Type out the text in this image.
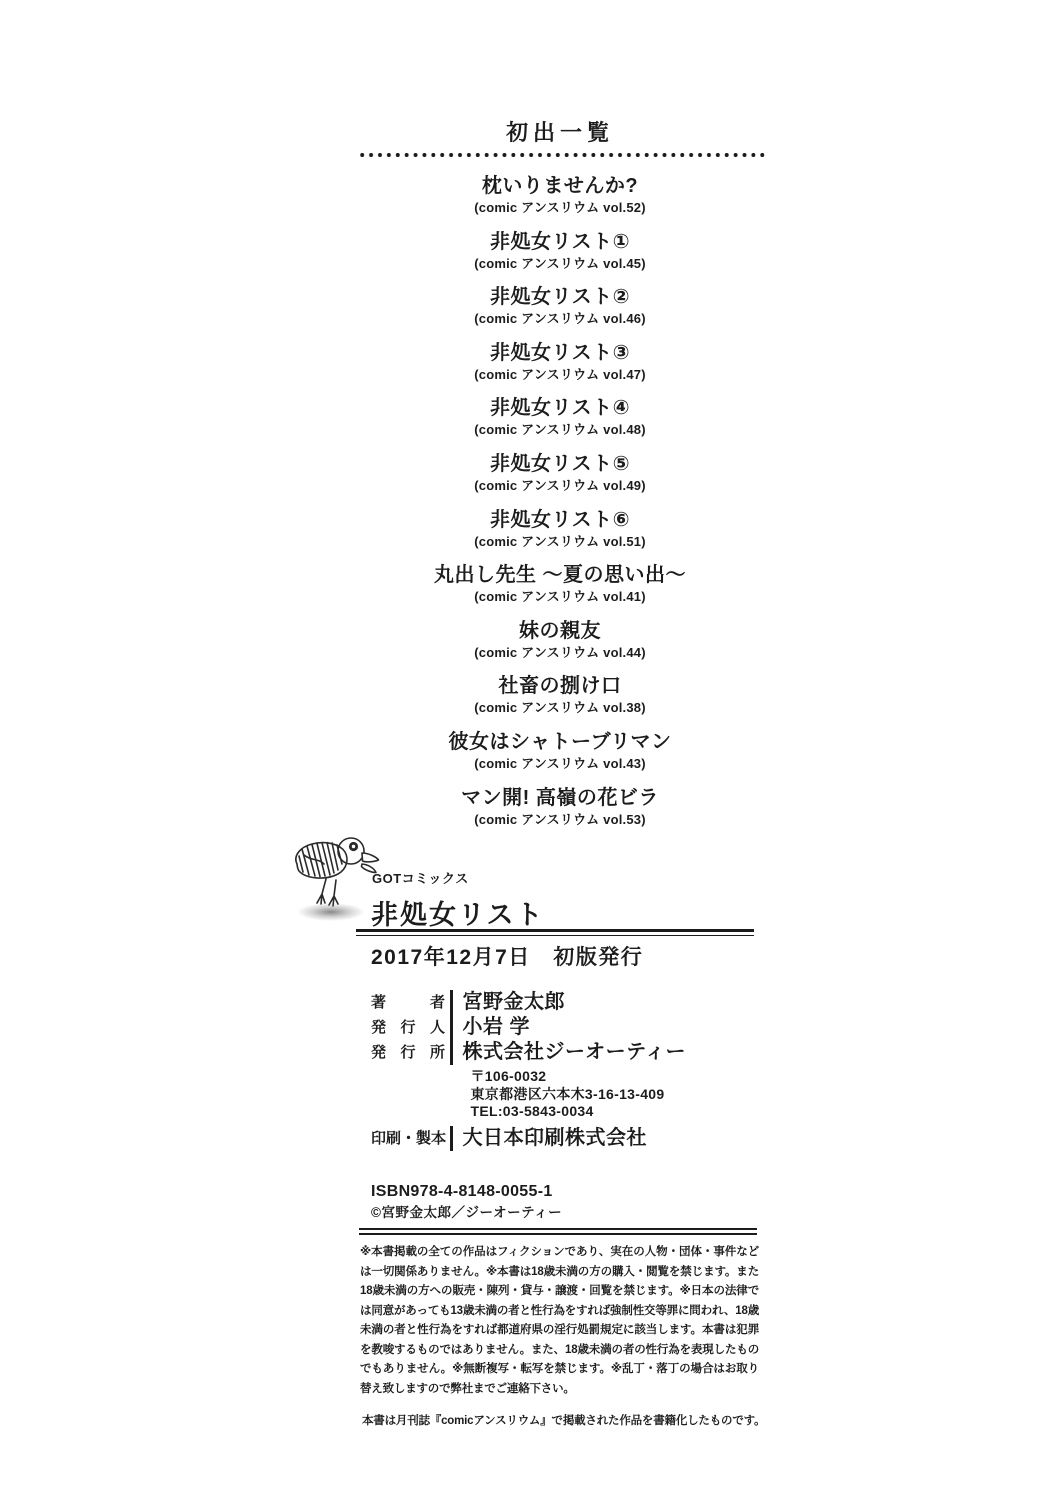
初出一覧
枕いりませんか?
(comic アンスリウム vol.52)
非処女リスト①
(comic アンスリウム vol.45)
非処女リスト②
(comic アンスリウム vol.46)
非処女リスト③
(comic アンスリウム vol.47)
非処女リスト④
(comic アンスリウム vol.48)
非処女リスト⑤
(comic アンスリウム vol.49)
非処女リスト⑥
(comic アンスリウム vol.51)
丸出し先生 ～夏の思い出～
(comic アンスリウム vol.41)
妹の親友
(comic アンスリウム vol.44)
社畜の捌け口
(comic アンスリウム vol.38)
彼女はシャトーブリマン
(comic アンスリウム vol.43)
マン開! 高嶺の花ビラ
(comic アンスリウム vol.53)
GOTコミックス
非処女リスト
2017年12月7日　初版発行
著者 宮野金太郎
発行人 小岩 学
発行所 株式会社ジーオーティー
〒106-0032
東京都港区六本木3-16-13-409
TEL:03-5843-0034
印刷・製本 大日本印刷株式会社
ISBN978-4-8148-0055-1
©宮野金太郎／ジーオーティー
※本書掲載の全ての作品はフィクションであり、実在の人物・団体・事件などは一切関係ありません。※本書は18歳未満の方の購入・閲覧を禁じます。また18歳未満の方への販売・陳列・貸与・譲渡・回覧を禁じます。※日本の法律では同意があっても13歳未満の者と性行為をすれば強制性交等罪に問われ、18歳未満の者と性行為をすれば都道府県の淫行処罰規定に該当します。本書は犯罪を教唆するものではありません。また、18歳未満の者の性行為を表現したものでもありません。※無断複写・転写を禁じます。※乱丁・落丁の場合はお取り替え致しますので弊社までご連絡下さい。
本書は月刊誌『comicアンスリウム』で掲載された作品を書籍化したものです。
